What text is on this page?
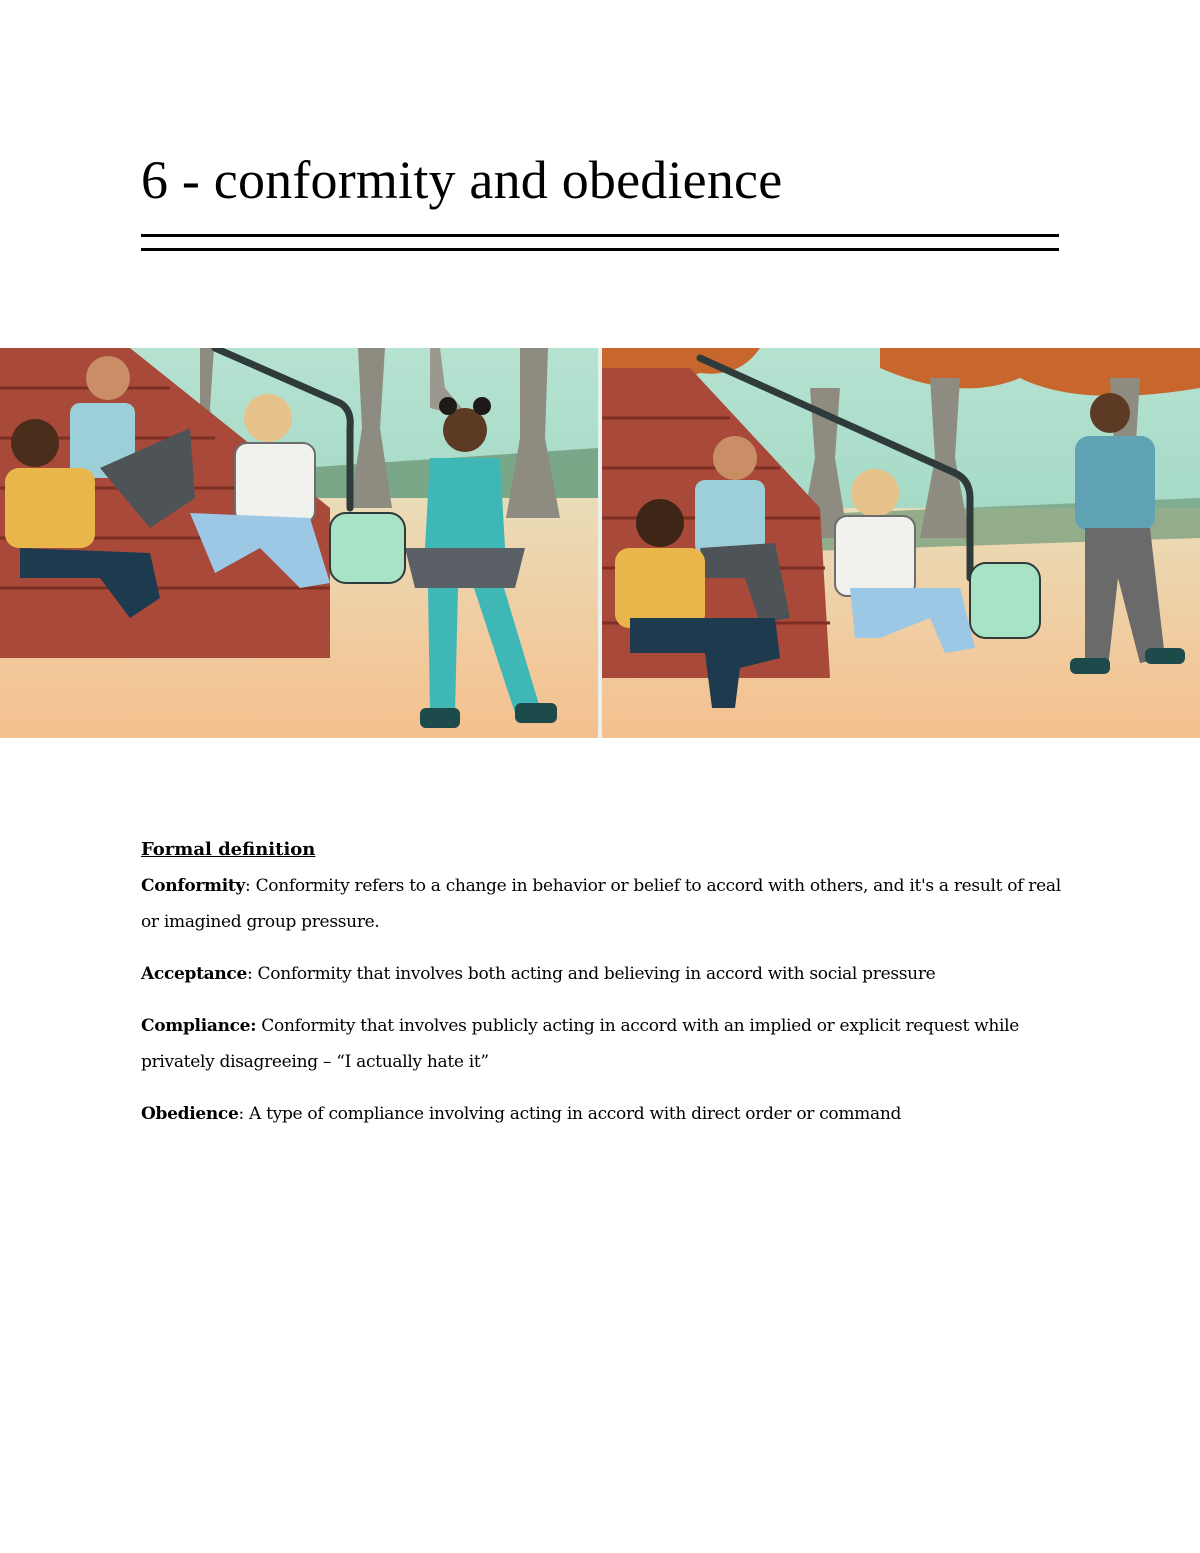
6 - conformity and obedience

Formal definition

Conformity: Conformity refers to a change in behavior or belief to accord with others, and it's a result of real or imagined group pressure.

Acceptance: Conformity that involves both acting and believing in accord with social pressure

Compliance: Conformity that involves publicly acting in accord with an implied or explicit request while privately disagreeing – “I actually hate it”

Obedience: A type of compliance involving acting in accord with direct order or command
